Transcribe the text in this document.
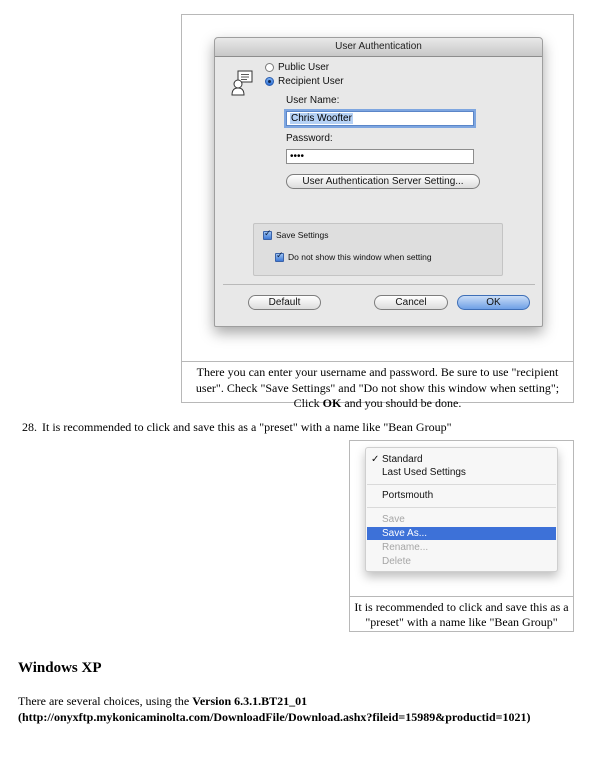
User Authentication
Public User
Recipient User
User Name:
Chris Woofter
Password:
••••
User Authentication Server Setting...
✓
Save Settings
✓
Do not show this window when setting
Default	Cancel	OK
There you can enter your username and password. Be sure to use "recipient user". Check "Save Settings" and "Do not show this window when setting"; Click OK and you should be done.
28. It is recommended to click and save this as a "preset" with a name like "Bean Group"
✓ Standard
Last Used Settings
Portsmouth
Save
Save As...
Rename...
Delete
It is recommended to click and save this as a "preset" with a name like "Bean Group"
Windows XP
There are several choices, using the Version 6.3.1.BT21_01
(http://onyxftp.mykonicaminolta.com/DownloadFile/Download.ashx?fileid=15989&productid=1021)
